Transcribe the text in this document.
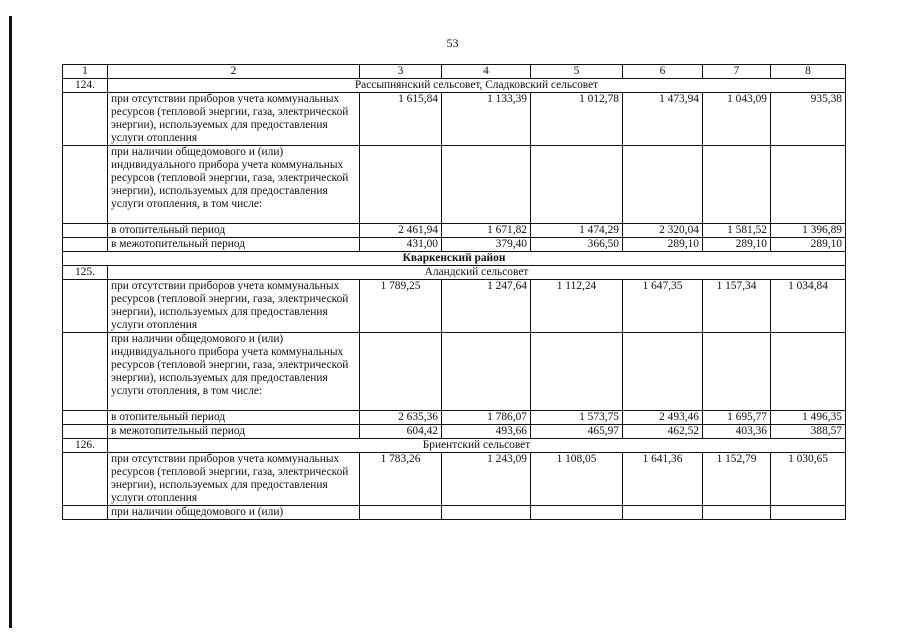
53
1	2	3	4	5	6	7	8
124.	Рассыпнянский сельсовет, Сладковский сельсовет						
	при отсутствии приборов учета коммунальных ресурсов (тепловой энергии, газа, электрической энергии), используемых для предоставления услуги отопления	1 615,84	1 133,39	1 012,78	1 473,94	1 043,09	935,38
	при наличии общедомового и (или) индивидуального прибора учета коммунальных ресурсов (тепловой энергии, газа, электрической энергии), используемых для предоставления услуги отопления, в том числе:						
	в отопительный период	2 461,94	1 671,82	1 474,29	2 320,04	1 581,52	1 396,89
	в межотопительный период	431,00	379,40	366,50	289,10	289,10	289,10
Кваркенский район							
125.	Аландский сельсовет						
	при отсутствии приборов учета коммунальных ресурсов (тепловой энергии, газа, электрической энергии), используемых для предоставления услуги отопления	1 789,25	1 247,64	1 112,24	1 647,35	1 157,34	1 034,84
	при наличии общедомового и (или) индивидуального прибора учета коммунальных ресурсов (тепловой энергии, газа, электрической энергии), используемых для предоставления услуги отопления, в том числе:						
	в отопительный период	2 635,36	1 786,07	1 573,75	2 493,46	1 695,77	1 496,35
	в межотопительный период	604,42	493,66	465,97	462,52	403,36	388,57
126.	Бриентский сельсовет						
	при отсутствии приборов учета коммунальных ресурсов (тепловой энергии, газа, электрической энергии), используемых для предоставления услуги отопления	1 783,26	1 243,09	1 108,05	1 641,36	1 152,79	1 030,65
	при наличии общедомового и (или)						
